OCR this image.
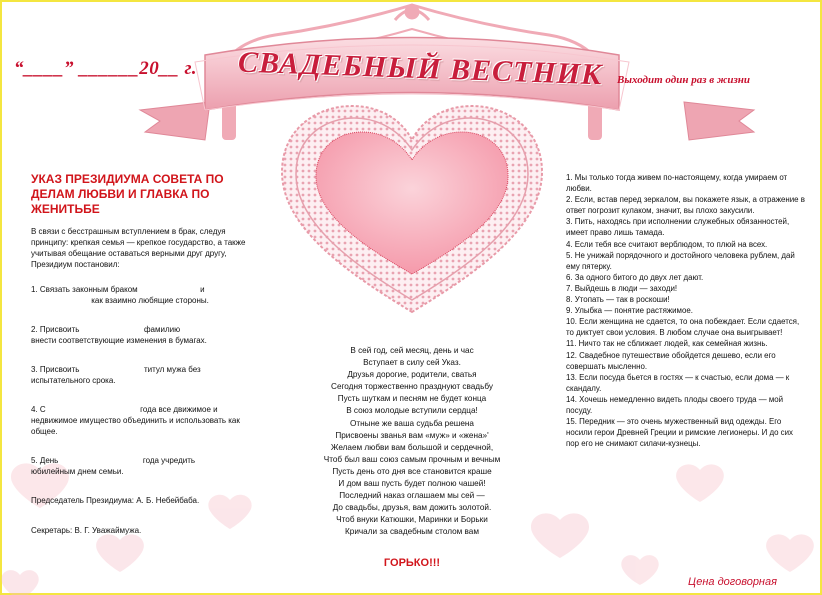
“____” ______20__ г. СВАДЕБНЫЙ ВЕСТНИК Выходит один раз в жизни
УКАЗ ПРЕЗИДИУМА СОВЕТА ПО ДЕЛАМ ЛЮБВИ И ГЛАВКА ПО ЖЕНИТЬБЕ

В связи с бесстрашным вступлением в брак, следуя принципу: крепкая семья — крепкое государство, а также учитывая обещание оставаться верными друг другу, Президиум постановил:

1. Связать законным браком	и
как взаимно любящие стороны.

2. Присвоить	фамилию
внести соответствующие изменения в бумагах.

3. Присвоить	титул мужа без
испытательного срока.

4. С	года все движимое и
недвижимое имущество объединить и использовать как общее.

5. День	года учредить
юбилейным днем семьи.

Председатель Президиума: А. Б. Небейбаба.

Секретарь: В. Г. Уважаймужа.

В сей год, сей месяц, день и час
Вступает в силу сей Указ.
Друзья дорогие, родители, сватья
Сегодня торжественно празднуют свадьбу
Пусть шуткам и песням не будет конца
В союз молодые вступили сердца!
Отныне же ваша судьба решена
Присвоены званья вам «муж» и «жена»'
Желаем любви вам большой и сердечной,
Чтоб был ваш союз самым прочным и вечным
Пусть день ото дня все становится краше
И дом ваш пусть будет полною чашей!
Последний наказ оглашаем мы сей —
До свадьбы, друзья, вам дожить золотой.
Чтоб внуки Катюшки, Маринки и Борьки
Кричали за свадебным столом вам
ГОРЬКО!!!
1. Мы только тогда живем по-настоящему, когда умираем от любви.
2. Если, встав перед зеркалом, вы покажете язык, а отражение в ответ погрозит кулаком, значит, вы плохо закусили.
3. Пить, находясь при исполнении служебных обязанностей, имеет право лишь тамада.
4. Если тебя все считают верблюдом, то плюй на всех.
5. Не унижай порядочного и достойного человека рублем, дай ему пятерку.
6. За одного битого до двух лет дают.
7. Выйдешь в люди — заходи!
8. Утопать — так в роскоши!
9. Улыбка — понятие растяжимое.
10. Если женщина не сдается, то она побеждает. Если сдается, то диктует свои условия. В любом случае она выигрывает!
11. Ничто так не сближает людей, как семейная жизнь.
12. Свадебное путешествие обойдется дешево, если его совершать мысленно.
13. Если посуда бьется в гостях — к счастью, если дома — к скандалу.
14. Хочешь немедленно видеть плоды своего труда — мой посуду.
15. Передник — это очень мужественный вид одежды. Его носили герои Древней Греции и римские легионеры. И до сих пор его не снимают силачи-кузнецы.
Цена договорная
